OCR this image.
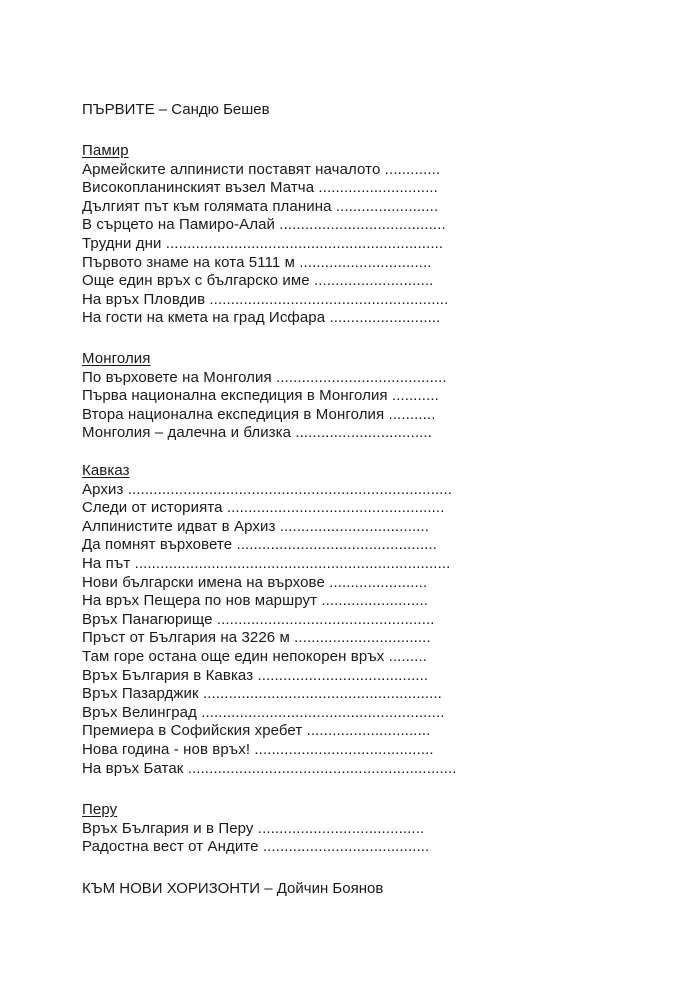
ПЪРВИТЕ – Сандю Бешев
Памир
Армейските алпинисти поставят началото .............
Високопланинският възел Матча ............................
Дългият път към голямата планина ........................
В сърцето на Памиро-Алай .......................................
Трудни дни .................................................................
Първото знаме на кота 5111 м ...............................
Още един връх с българско име ............................
На връх Пловдив ........................................................
На гости на кмета на град Исфара ..........................
Монголия
По върховете на Монголия ........................................
Първа национална експедиция в Монголия ...........
Втора национална експедиция в Монголия ...........
Монголия – далечна и близка ................................
Кавказ
Архиз ............................................................................
Следи от историята ...................................................
Алпинистите идват в Архиз ...................................
Да помнят върховете ...............................................
На път ..........................................................................
Нови български имена на върхове .......................
На връх Пещера по нов маршрут .........................
Връх Панагюрище ...................................................
Пръст от България на 3226 м ................................
Там горе остана още един непокорен връх .........
Връх България в Кавказ ........................................
Връх Пазарджик ........................................................
Връх Велинград .........................................................
Премиера в Софийския хребет .............................
Нова година - нов връх! ..........................................
На връх Батак ...............................................................
Перу
Връх България и в Перу .......................................
Радостна вест от Андите .......................................
КЪМ НОВИ ХОРИЗОНТИ – Дойчин Боянов
